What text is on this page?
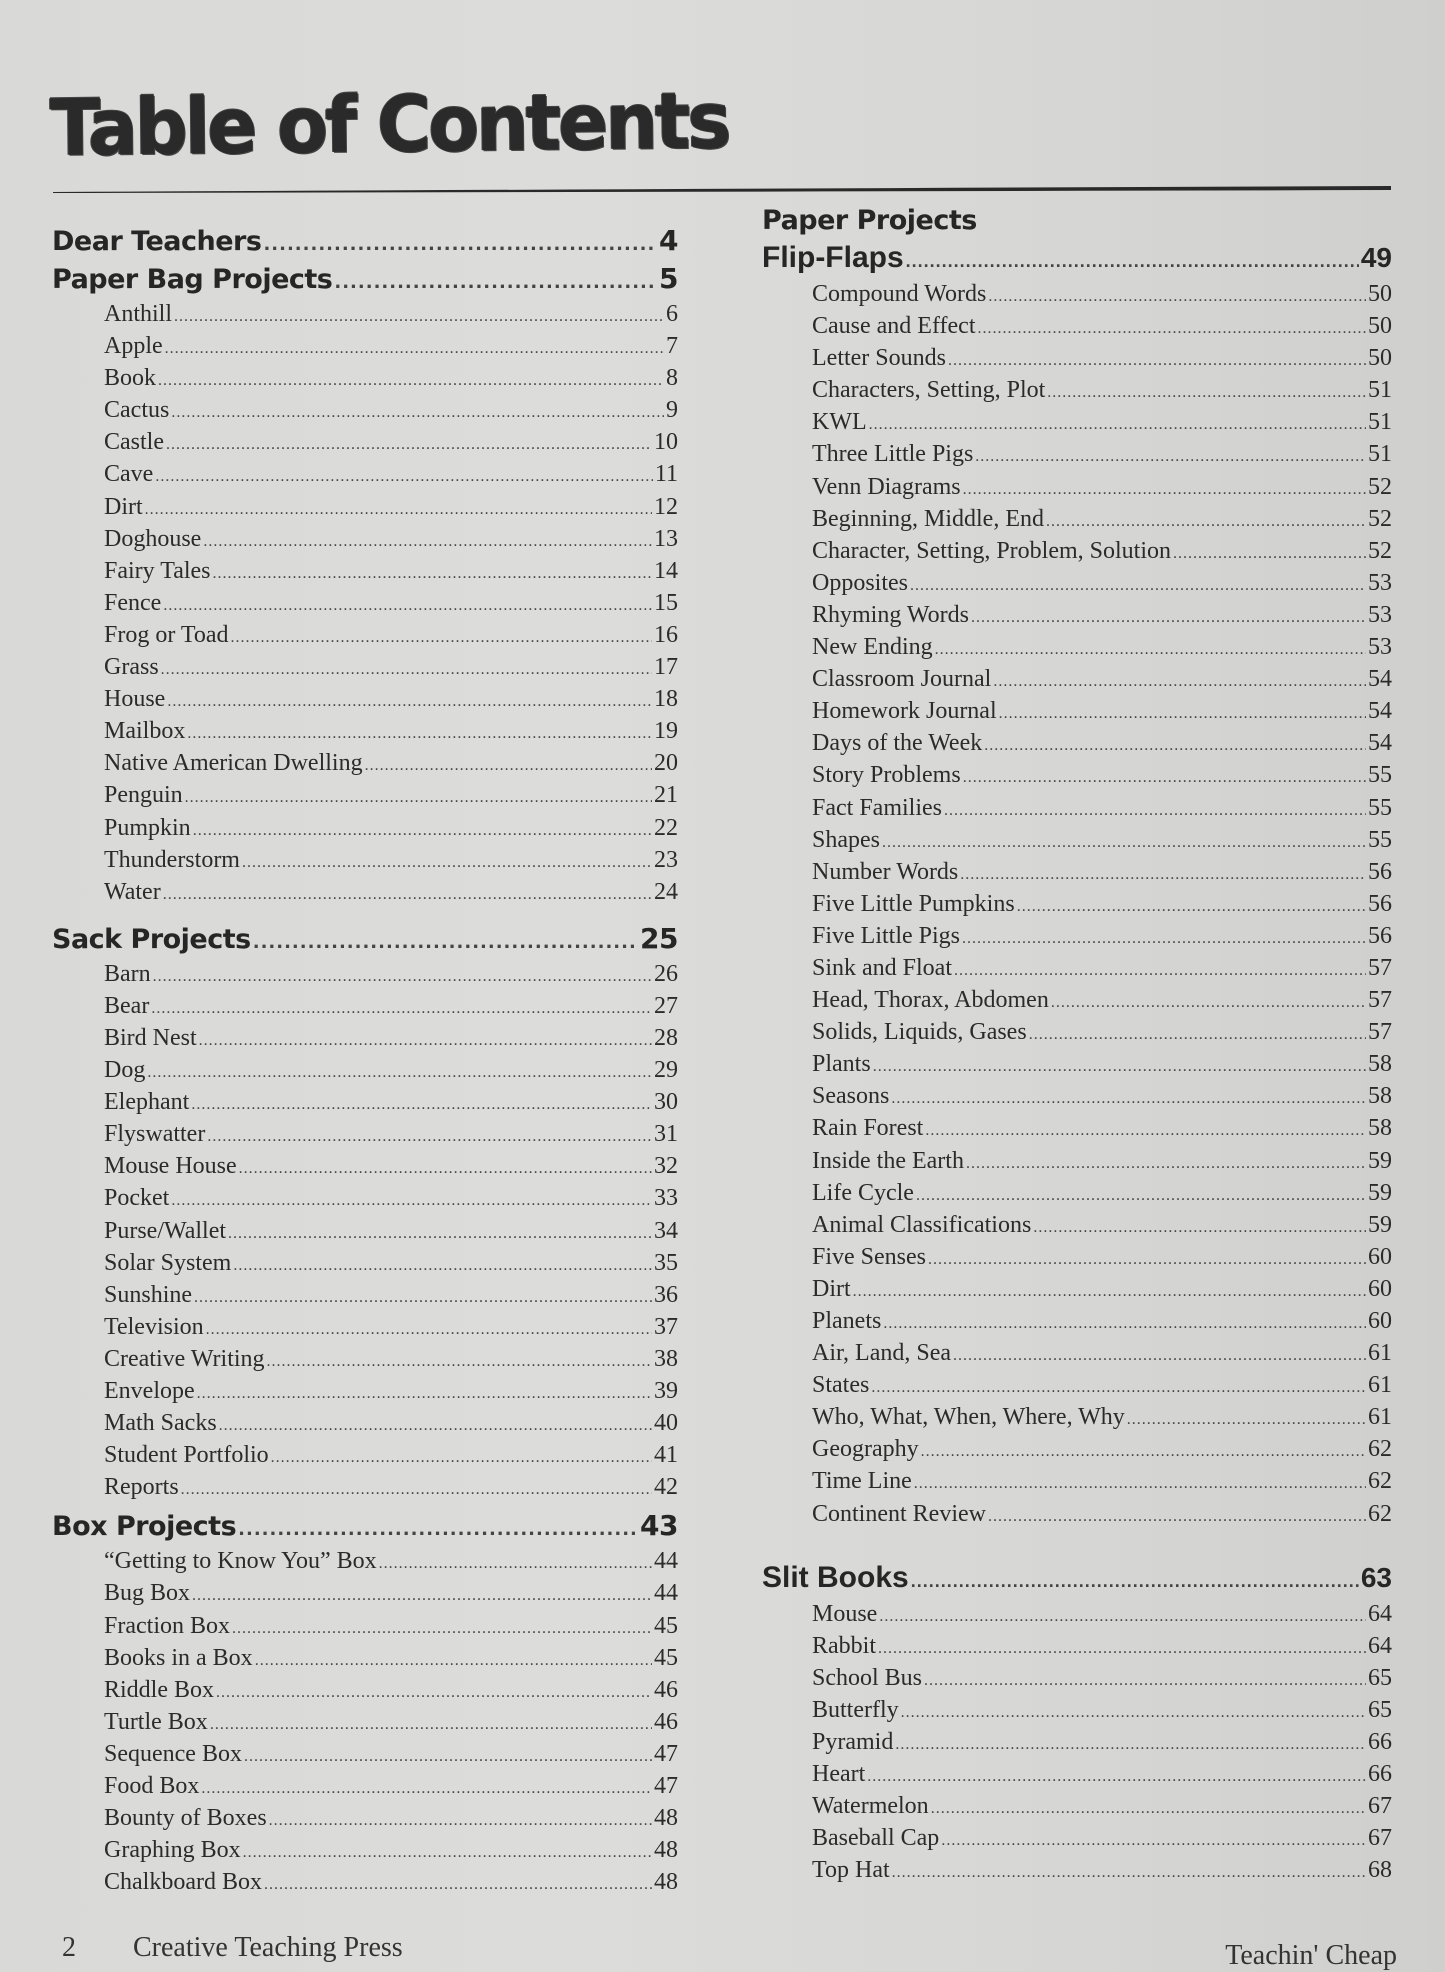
Table of Contents
Dear Teachers .....	4
Paper Bag Projects .....	5
Anthill .....	6
Apple .....	7
Book .....	8
Cactus .....	9
Castle .....	10
Cave .....	11
Dirt .....	12
Doghouse .....	13
Fairy Tales .....	14
Fence .....	15
Frog or Toad .....	16
Grass .....	17
House .....	18
Mailbox .....	19
Native American Dwelling .....	20
Penguin .....	21
Pumpkin .....	22
Thunderstorm .....	23
Water .....	24
Sack Projects .....	25
Barn .....	26
Bear .....	27
Bird Nest .....	28
Dog .....	29
Elephant .....	30
Flyswatter .....	31
Mouse House .....	32
Pocket .....	33
Purse/Wallet .....	34
Solar System .....	35
Sunshine .....	36
Television .....	37
Creative Writing .....	38
Envelope .....	39
Math Sacks .....	40
Student Portfolio .....	41
Reports .....	42
Box Projects .....	43
“Getting to Know You” Box .....	44
Bug Box .....	44
Fraction Box .....	45
Books in a Box .....	45
Riddle Box .....	46
Turtle Box .....	46
Sequence Box .....	47
Food Box .....	47
Bounty of Boxes .....	48
Graphing Box .....	48
Chalkboard Box .....	48
Paper Projects
Flip-Flaps .....	49
Compound Words .....	50
Cause and Effect .....	50
Letter Sounds .....	50
Characters, Setting, Plot .....	51
KWL .....	51
Three Little Pigs .....	51
Venn Diagrams .....	52
Beginning, Middle, End .....	52
Character, Setting, Problem, Solution .....	52
Opposites .....	53
Rhyming Words .....	53
New Ending .....	53
Classroom Journal .....	54
Homework Journal .....	54
Days of the Week .....	54
Story Problems .....	55
Fact Families .....	55
Shapes .....	55
Number Words .....	56
Five Little Pumpkins .....	56
Five Little Pigs .....	56
Sink and Float .....	57
Head, Thorax, Abdomen .....	57
Solids, Liquids, Gases .....	57
Plants .....	58
Seasons .....	58
Rain Forest .....	58
Inside the Earth .....	59
Life Cycle .....	59
Animal Classifications .....	59
Five Senses .....	60
Dirt .....	60
Planets .....	60
Air, Land, Sea .....	61
States .....	61
Who, What, When, Where, Why .....	61
Geography .....	62
Time Line .....	62
Continent Review .....	62
Slit Books .....	63
Mouse .....	64
Rabbit .....	64
School Bus .....	65
Butterfly .....	65
Pyramid .....	66
Heart .....	66
Watermelon .....	67
Baseball Cap .....	67
Top Hat .....	68
2 Creative Teaching Press	Teachin' Cheap
